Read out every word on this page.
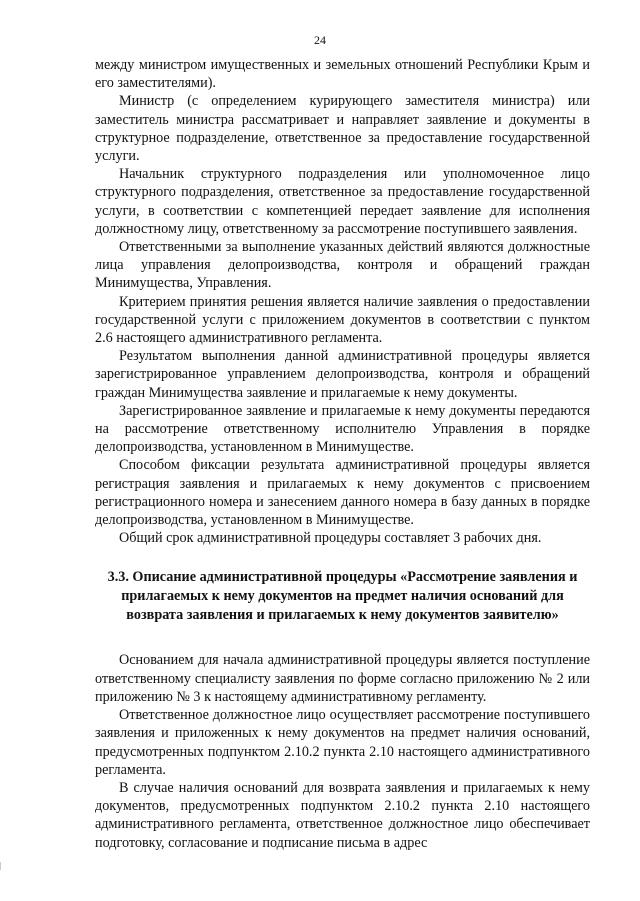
24

между министром имущественных и земельных отношений Республики Крым и его заместителями).

Министр (с определением курирующего заместителя министра) или заместитель министра рассматривает и направляет заявление и документы в структурное подразделение, ответственное за предоставление государственной услуги.

Начальник структурного подразделения или уполномоченное лицо структурного подразделения, ответственное за предоставление государственной услуги, в соответствии с компетенцией передает заявление для исполнения должностному лицу, ответственному за рассмотрение поступившего заявления.

Ответственными за выполнение указанных действий являются должностные лица управления делопроизводства, контроля и обращений граждан Минимущества, Управления.

Критерием принятия решения является наличие заявления о предоставлении государственной услуги с приложением документов в соответствии с пунктом 2.6 настоящего административного регламента.

Результатом выполнения данной административной процедуры является зарегистрированное управлением делопроизводства, контроля и обращений граждан Минимущества заявление и прилагаемые к нему документы.

Зарегистрированное заявление и прилагаемые к нему документы передаются на рассмотрение ответственному исполнителю Управления в порядке делопроизводства, установленном в Минимуществе.

Способом фиксации результата административной процедуры является регистрация заявления и прилагаемых к нему документов с присвоением регистрационного номера и занесением данного номера в базу данных в порядке делопроизводства, установленном в Минимуществе.

Общий срок административной процедуры составляет 3 рабочих дня.

3.3. Описание административной процедуры «Рассмотрение заявления и прилагаемых к нему документов на предмет наличия оснований для возврата заявления и прилагаемых к нему документов заявителю»

Основанием для начала административной процедуры является поступление ответственному специалисту заявления по форме согласно приложению № 2 или приложению № 3 к настоящему административному регламенту.

Ответственное должностное лицо осуществляет рассмотрение поступившего заявления и приложенных к нему документов на предмет наличия оснований, предусмотренных подпунктом 2.10.2 пункта 2.10 настоящего административного регламента.

В случае наличия оснований для возврата заявления и прилагаемых к нему документов, предусмотренных подпунктом 2.10.2 пункта 2.10 настоящего административного регламента, ответственное должностное лицо обеспечивает подготовку, согласование и подписание письма в адрес
